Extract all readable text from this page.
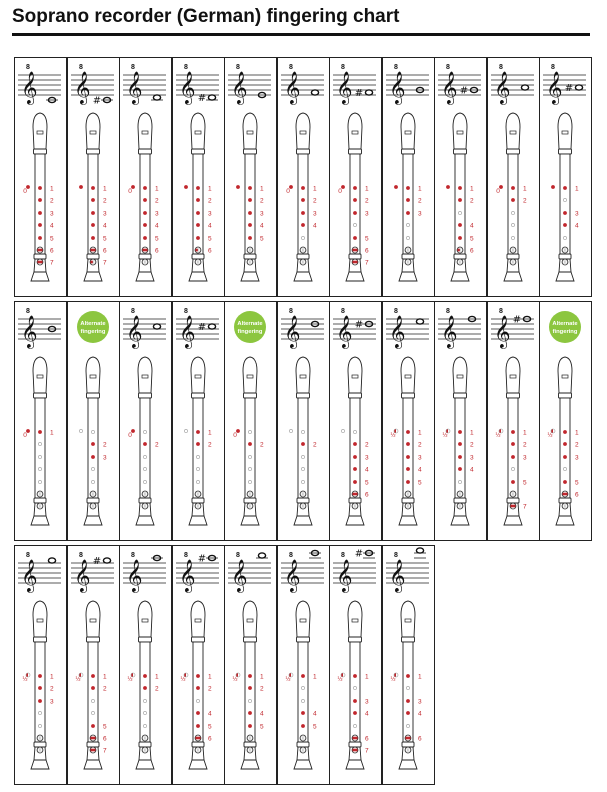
Soprano recorder (German) fingering chart
𝄞
8
1
2
3
4
5
6
7
0
𝄞
8
#
1
2
3
4
5
6
7
𝄞
8
1
2
3
4
5
6
0
𝄞
8
#
1
2
3
4
5
6
𝄞
8
1
2
3
4
5
𝄞
8
1
2
3
4
0
𝄞
8
#
1
2
3
5
6
7
0
𝄞
8
1
2
3
𝄞
8
#
1
2
4
5
6
𝄞
8
1
2
0
𝄞
8
#
1
3
4
𝄞
8
1
0
Alternate
fingering
2
3
𝄞
8
2
0
𝄞
8
#
1
2
Alternate
fingering
2
0
𝄞
8
2
𝄞
8
#
2
3
4
5
6
𝄞
8
1
2
3
4
5
½
𝄞
8
1
2
3
4
½
𝄞
8
#
1
2
3
5
7
½
Alternate
fingering
1
2
3
5
6
½
𝄞
8
1
2
3
½
𝄞
8
#
1
2
5
6
7
½
𝄞
8
1
2
½
𝄞
8 #
1
2
4
5
6
½
𝄞
8
1
2
4
5
½
𝄞
8
1
4
5
½
𝄞
8 #
1
3
4
6
7
½
𝄞
8
1
3
4
6
½
